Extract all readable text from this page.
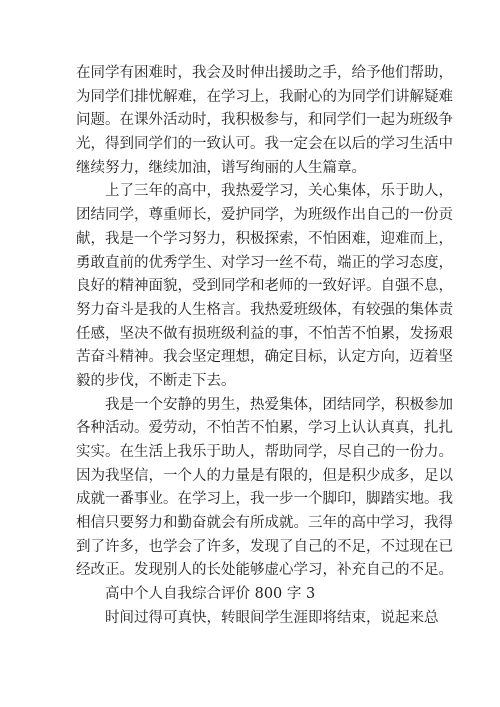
在同学有困难时，我会及时伸出援助之手，给予他们帮助，
为同学们排忧解难，在学习上，我耐心的为同学们讲解疑难
问题。在课外活动时，我积极参与，和同学们一起为班级争
光，得到同学们的一致认可。我一定会在以后的学习生活中
继续努力，继续加油，谱写绚丽的人生篇章。
上了三年的高中，我热爱学习，关心集体，乐于助人，
团结同学，尊重师长，爱护同学，为班级作出自己的一份贡
献，我是一个学习努力，积极探索，不怕困难，迎难而上，
勇敢直前的优秀学生、对学习一丝不苟，端正的学习态度，
良好的精神面貌，受到同学和老师的一致好评。自强不息，
努力奋斗是我的人生格言。我热爱班级体，有较强的集体责
任感，坚决不做有损班级利益的事，不怕苦不怕累，发扬艰
苦奋斗精神。我会坚定理想，确定目标，认定方向，迈着坚
毅的步伐，不断走下去。
我是一个安静的男生，热爱集体，团结同学，积极参加
各种活动。爱劳动，不怕苦不怕累，学习上认认真真，扎扎
实实。在生活上我乐于助人，帮助同学，尽自己的一份力。
因为我坚信，一个人的力量是有限的，但是积少成多，足以
成就一番事业。在学习上，我一步一个脚印，脚踏实地。我
相信只要努力和勤奋就会有所成就。三年的高中学习，我得
到了许多，也学会了许多，发现了自己的不足，不过现在已
经改正。发现别人的长处能够虚心学习，补充自己的不足。
高中个人自我综合评价 800 字 3
时间过得可真快，转眼间学生涯即将结束，说起来总
